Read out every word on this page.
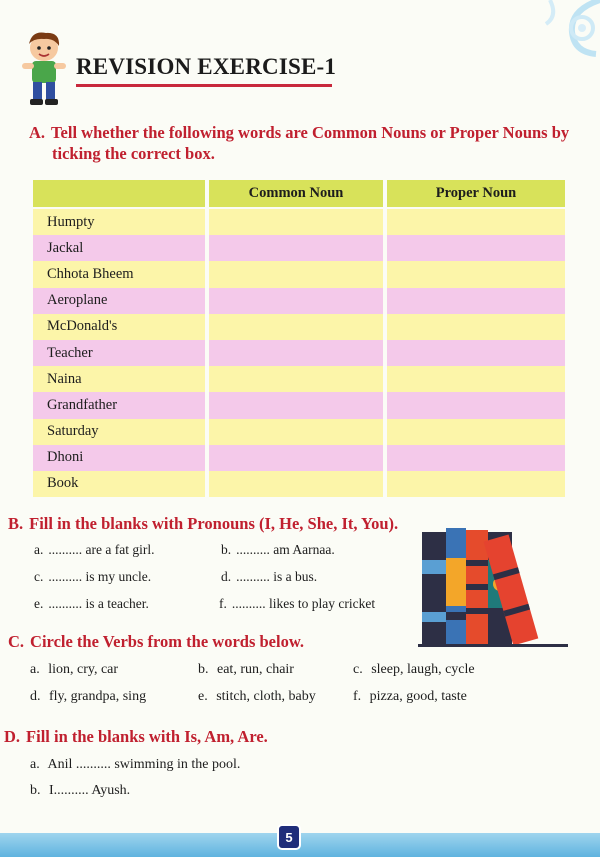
REVISION EXERCISE-1
A. Tell whether the following words are Common Nouns or Proper Nouns by
ticking the correct box.
Common Noun	Proper Noun
Humpty
Jackal
Chhota Bheem
Aeroplane
McDonald's
Teacher
Naina
Grandfather
Saturday
Dhoni
Book
B. Fill in the blanks with Pronouns (I, He, She, It, You).
a. .......... are a fat girl.	b. .......... am Aarnaa.
c. .......... is my uncle.	d. .......... is a bus.
e. .......... is a teacher.	f. .......... likes to play cricket
C. Circle the Verbs from the words below.
a. lion, cry, car	b. eat, run, chair	c. sleep, laugh, cycle
d. fly, grandpa, sing	e. stitch, cloth, baby	f. pizza, good, taste
D. Fill in the blanks with Is, Am, Are.
a. Anil .......... swimming in the pool.
b. I.......... Ayush.
5
